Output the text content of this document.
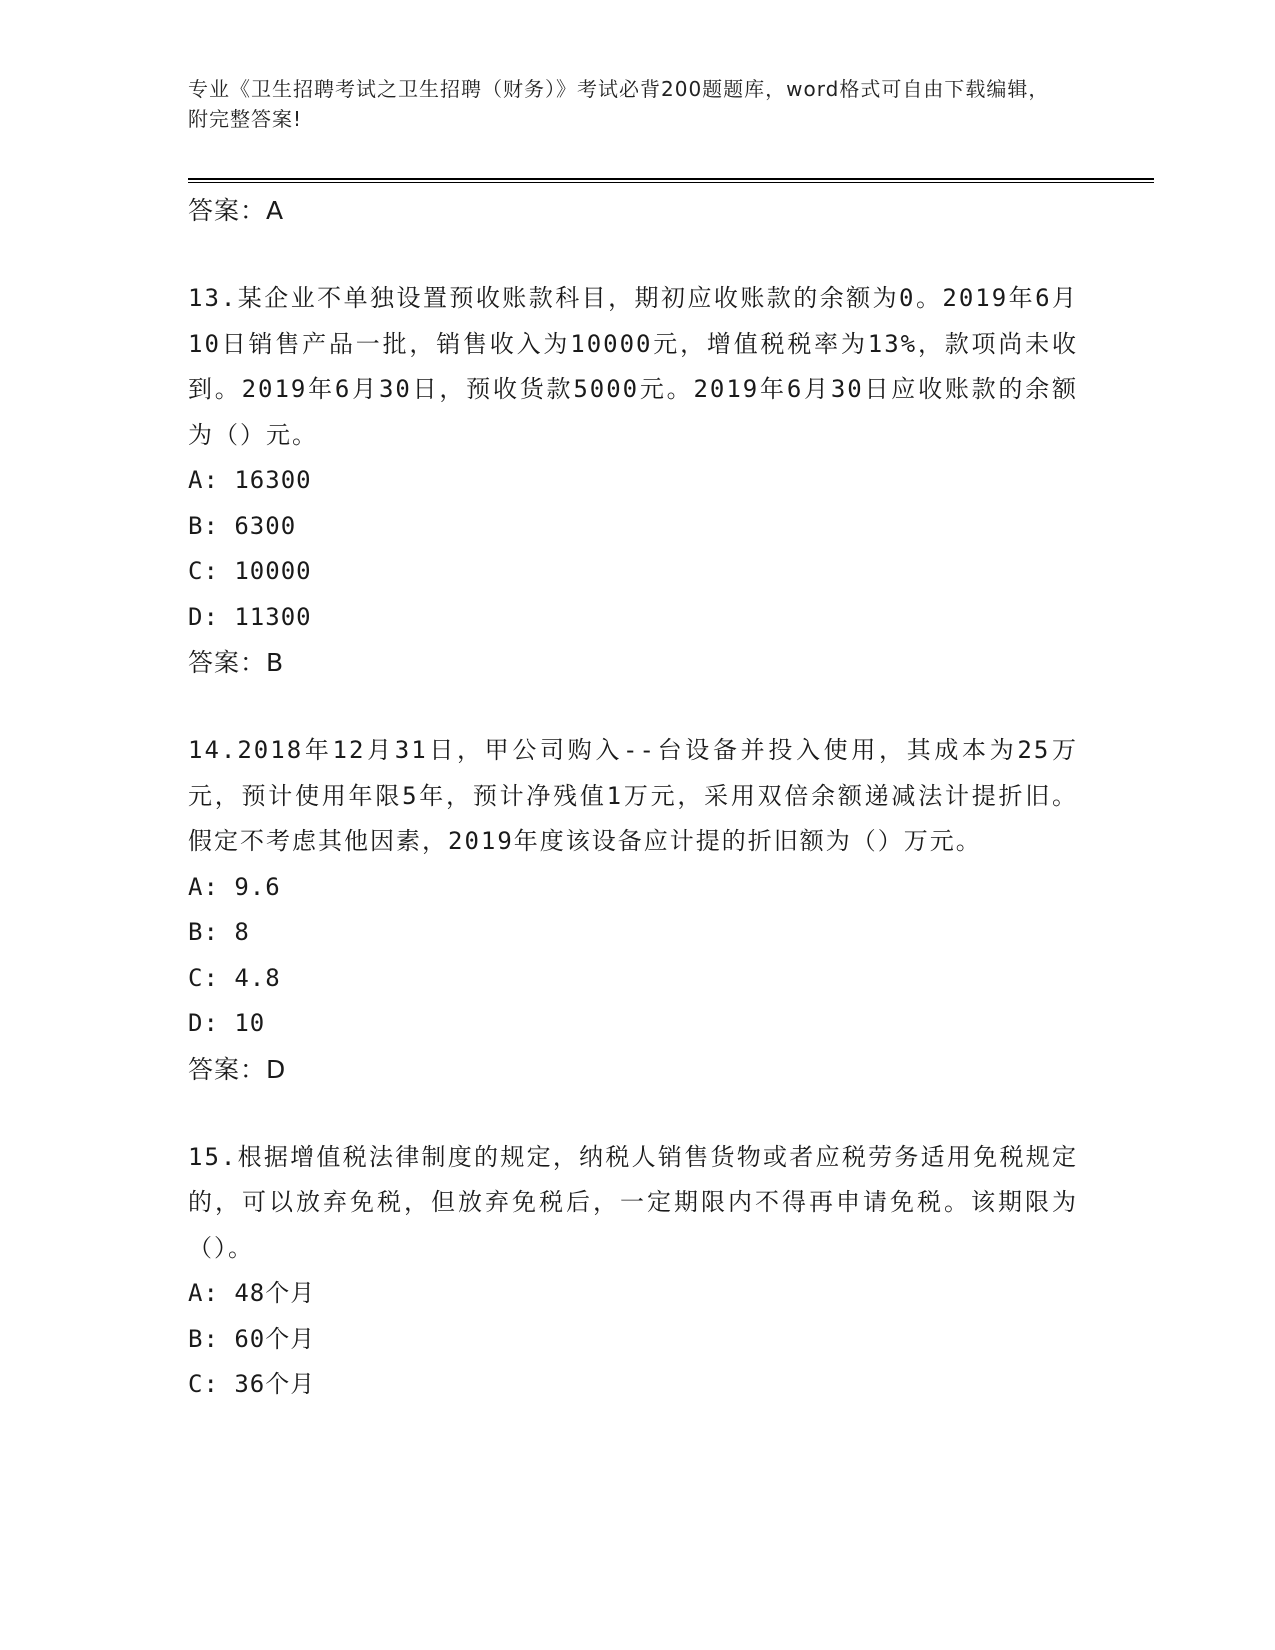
专业《卫生招聘考试之卫生招聘（财务）》考试必背200题题库，word格式可自由下载编辑，附完整答案!
答案：A

13.某企业不单独设置预收账款科目，期初应收账款的余额为0。2019年6月10日销售产品一批，销售收入为10000元，增值税税率为13%，款项尚未收到。2019年6月30日，预收货款5000元。2019年6月30日应收账款的余额为（）元。

A: 16300
B: 6300
C: 10000
D: 11300
答案：B

14.2018年12月31日，甲公司购入--台设备并投入使用，其成本为25万元，预计使用年限5年，预计净残值1万元，采用双倍余额递减法计提折旧。假定不考虑其他因素，2019年度该设备应计提的折旧额为（）万元。

A: 9.6
B: 8
C: 4.8
D: 10
答案：D

15.根据增值税法律制度的规定，纳税人销售货物或者应税劳务适用免税规定的，可以放弃免税，但放弃免税后，一定期限内不得再申请免税。该期限为（）。

A: 48个月
B: 60个月
C: 36个月
